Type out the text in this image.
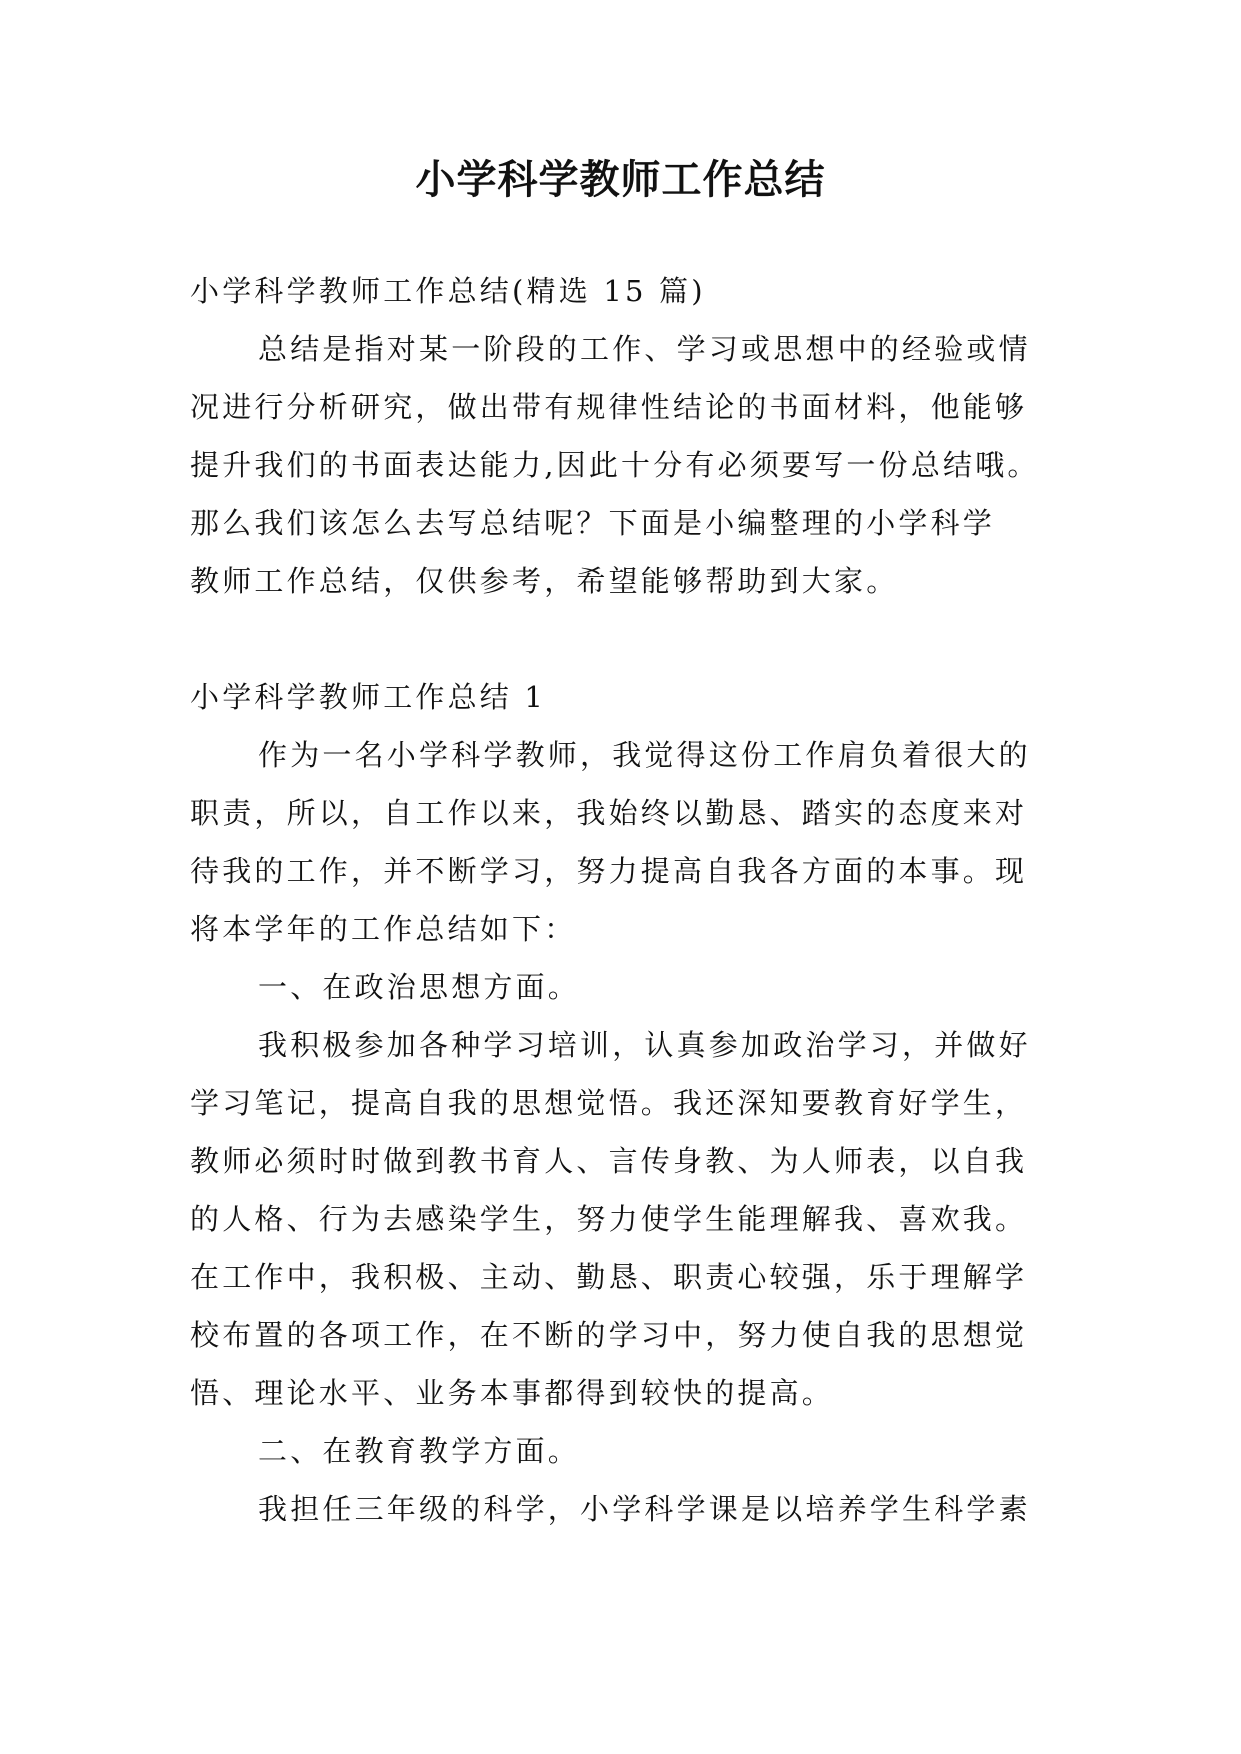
小学科学教师工作总结

小学科学教师工作总结(精选 15 篇)

总结是指对某一阶段的工作、学习或思想中的经验或情

况进行分析研究，做出带有规律性结论的书面材料，他能够

提升我们的书面表达能力,因此十分有必须要写一份总结哦。

那么我们该怎么去写总结呢？下面是小编整理的小学科学

教师工作总结，仅供参考，希望能够帮助到大家。

小学科学教师工作总结 1

作为一名小学科学教师，我觉得这份工作肩负着很大的

职责，所以，自工作以来，我始终以勤恳、踏实的态度来对

待我的工作，并不断学习，努力提高自我各方面的本事。现

将本学年的工作总结如下：

一、在政治思想方面。

我积极参加各种学习培训，认真参加政治学习，并做好

学习笔记，提高自我的思想觉悟。我还深知要教育好学生，

教师必须时时做到教书育人、言传身教、为人师表，以自我

的人格、行为去感染学生，努力使学生能理解我、喜欢我。

在工作中，我积极、主动、勤恳、职责心较强，乐于理解学

校布置的各项工作，在不断的学习中，努力使自我的思想觉

悟、理论水平、业务本事都得到较快的提高。

二、在教育教学方面。

我担任三年级的科学，小学科学课是以培养学生科学素
